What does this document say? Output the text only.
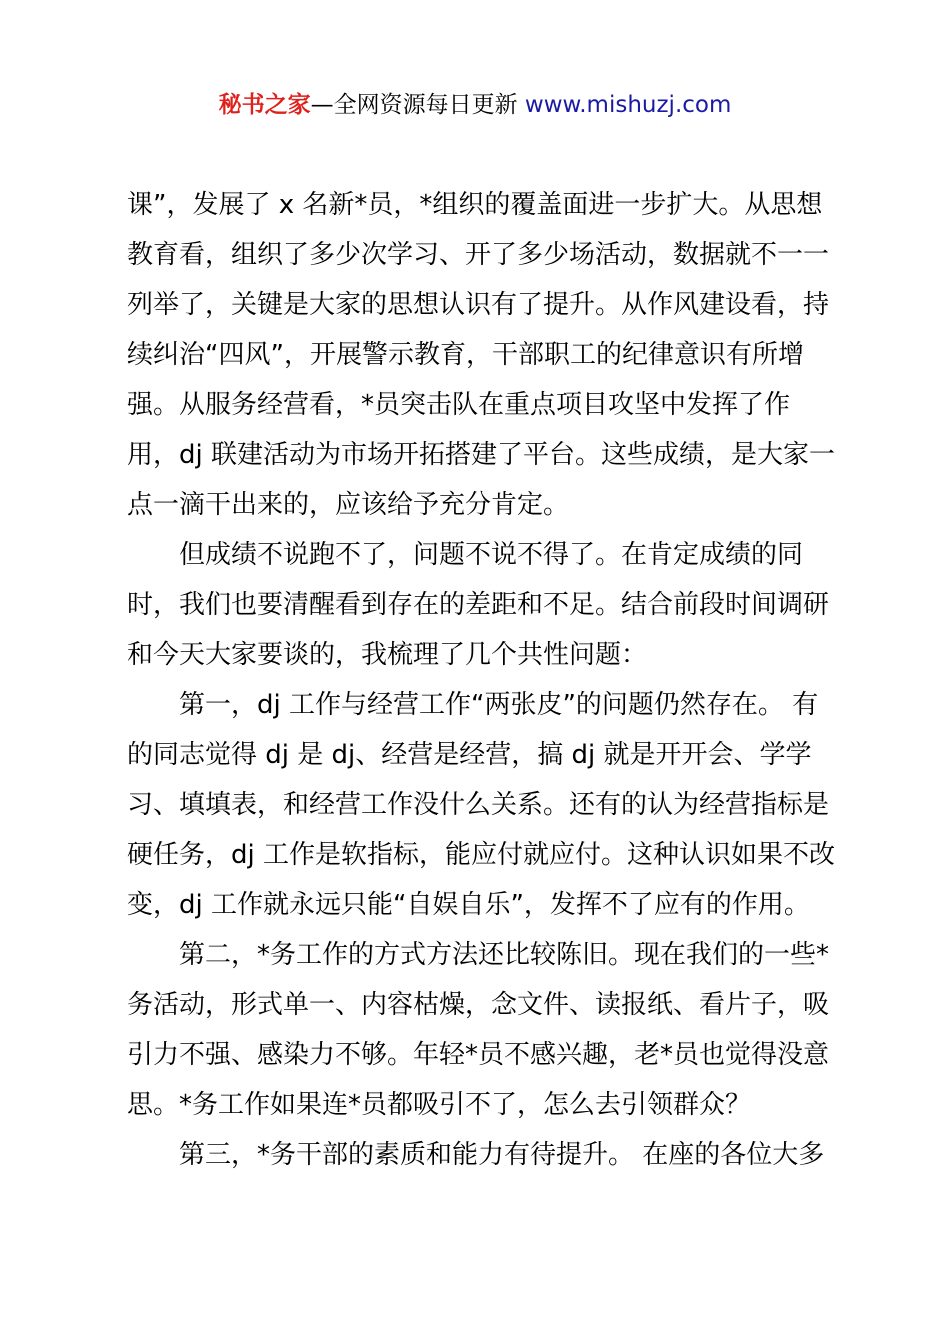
秘书之家—全网资源每日更新 www.mishuzj.com
课”，发展了 x 名新*员，*组织的覆盖面进一步扩大。从思想
教育看，组织了多少次学习、开了多少场活动，数据就不一一
列举了，关键是大家的思想认识有了提升。从作风建设看，持
续纠治“四风”，开展警示教育，干部职工的纪律意识有所增
强。从服务经营看，*员突击队在重点项目攻坚中发挥了作
用，dj 联建活动为市场开拓搭建了平台。这些成绩，是大家一
点一滴干出来的，应该给予充分肯定。
但成绩不说跑不了，问题不说不得了。在肯定成绩的同
时，我们也要清醒看到存在的差距和不足。结合前段时间调研
和今天大家要谈的，我梳理了几个共性问题：
第一，dj 工作与经营工作“两张皮”的问题仍然存在。 有
的同志觉得 dj 是 dj、经营是经营，搞 dj 就是开开会、学学
习、填填表，和经营工作没什么关系。还有的认为经营指标是
硬任务，dj 工作是软指标，能应付就应付。这种认识如果不改
变，dj 工作就永远只能“自娱自乐”，发挥不了应有的作用。
第二，*务工作的方式方法还比较陈旧。现在我们的一些*
务活动，形式单一、内容枯燥，念文件、读报纸、看片子，吸
引力不强、感染力不够。年轻*员不感兴趣，老*员也觉得没意
思。*务工作如果连*员都吸引不了，怎么去引领群众？
第三，*务干部的素质和能力有待提升。 在座的各位大多
